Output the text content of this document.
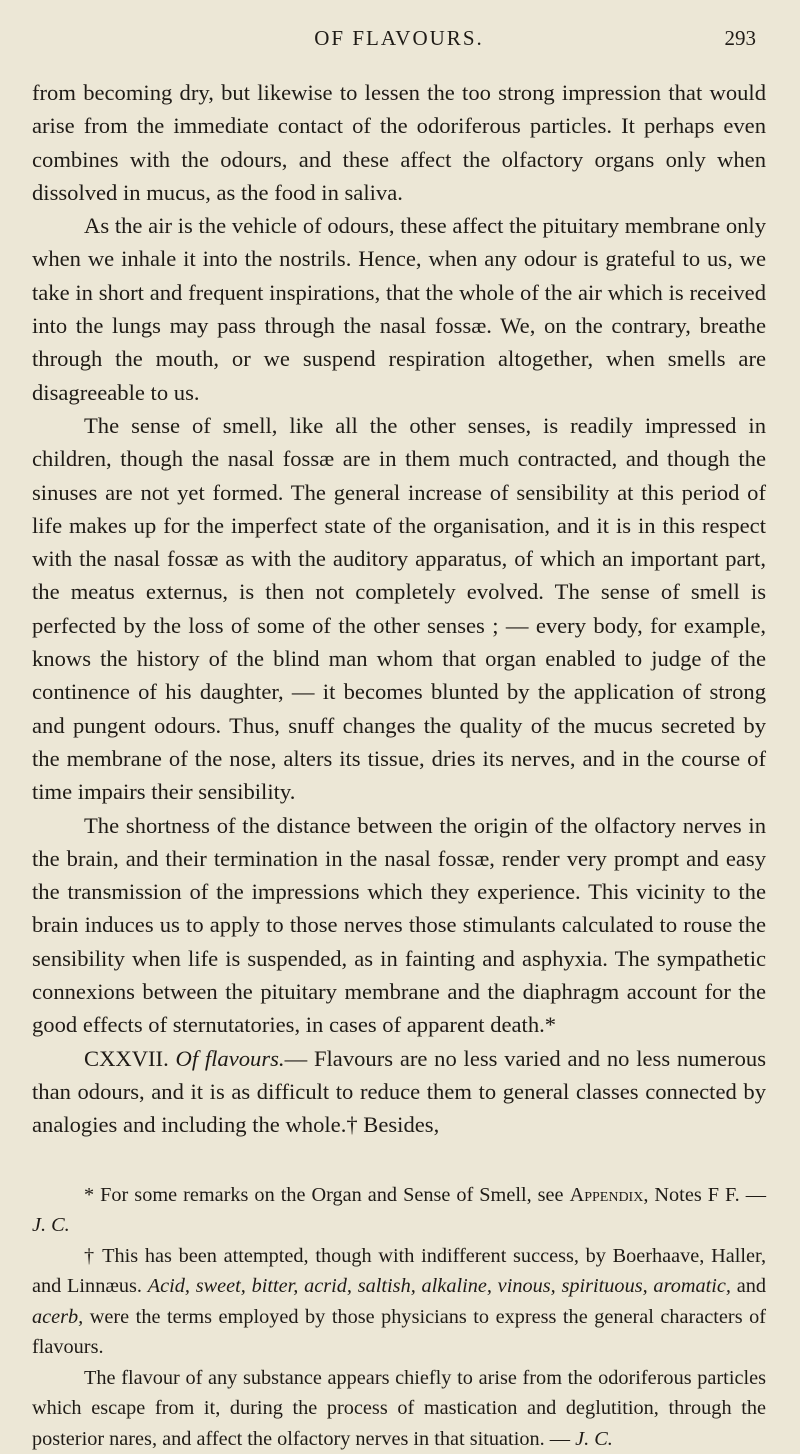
OF FLAVOURS.	293

from becoming dry, but likewise to lessen the too strong impression that would arise from the immediate contact of the odoriferous particles. It perhaps even combines with the odours, and these affect the olfactory organs only when dissolved in mucus, as the food in saliva.

As the air is the vehicle of odours, these affect the pituitary membrane only when we inhale it into the nostrils. Hence, when any odour is grateful to us, we take in short and frequent inspirations, that the whole of the air which is received into the lungs may pass through the nasal fossæ. We, on the contrary, breathe through the mouth, or we suspend respiration altogether, when smells are disagreeable to us.

The sense of smell, like all the other senses, is readily impressed in children, though the nasal fossæ are in them much contracted, and though the sinuses are not yet formed. The general increase of sensibility at this period of life makes up for the imperfect state of the organisation, and it is in this respect with the nasal fossæ as with the auditory apparatus, of which an important part, the meatus externus, is then not completely evolved. The sense of smell is perfected by the loss of some of the other senses ; — every body, for example, knows the history of the blind man whom that organ enabled to judge of the continence of his daughter, — it becomes blunted by the application of strong and pungent odours. Thus, snuff changes the quality of the mucus secreted by the membrane of the nose, alters its tissue, dries its nerves, and in the course of time impairs their sensibility.

The shortness of the distance between the origin of the olfactory nerves in the brain, and their termination in the nasal fossæ, render very prompt and easy the transmission of the impressions which they experience. This vicinity to the brain induces us to apply to those nerves those stimulants calculated to rouse the sensibility when life is suspended, as in fainting and asphyxia. The sympathetic connexions between the pituitary membrane and the diaphragm account for the good effects of sternutatories, in cases of apparent death.*

CXXVII. Of flavours.— Flavours are no less varied and no less numerous than odours, and it is as difficult to reduce them to general classes connected by analogies and including the whole.† Besides,

* For some remarks on the Organ and Sense of Smell, see Appendix, Notes F F. — J. C.

† This has been attempted, though with indifferent success, by Boerhaave, Haller, and Linnæus. Acid, sweet, bitter, acrid, saltish, alkaline, vinous, spirituous, aromatic, and acerb, were the terms employed by those physicians to express the general characters of flavours.

The flavour of any substance appears chiefly to arise from the odoriferous particles which escape from it, during the process of mastication and deglutition, through the posterior nares, and affect the olfactory nerves in that situation. — J. C.
